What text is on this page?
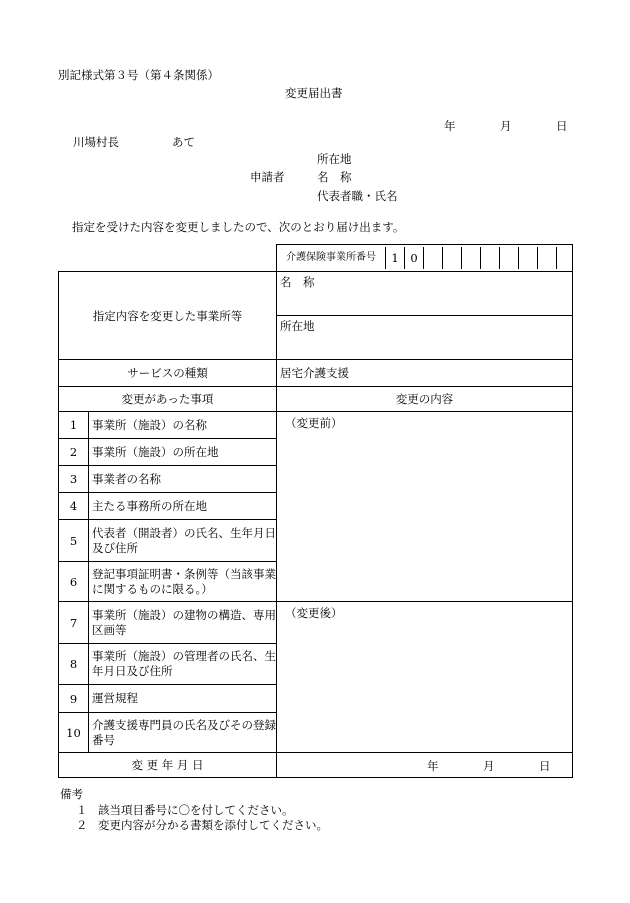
別記様式第３号（第４条関係）
変更届出書
年	月	日
川場村長	あて
所在地
申請者	名　称
代表者職・氏名
指定を受けた内容を変更しましたので、次のとおり届け出ます。

		介護保険事業所番号 1 0

指定内容を変更した事業所等		名　称
		所在地
サービスの種類		居宅介護支援
変更があった事項		変更の内容
1	事業所（施設）の名称	（変更前）
2	事業所（施設）の所在地	
3	事業者の名称	
4	主たる事務所の所在地	
5	代表者（開設者）の氏名、生年月日及び住所	
6	登記事項証明書・条例等（当該事業に関するものに限る。）	
7	事業所（施設）の建物の構造、専用区画等	（変更後）
8	事業所（施設）の管理者の氏名、生年月日及び住所	
9	運営規程	
10	介護支援専門員の氏名及びその登録番号	
変 更 年 月 日		年 月 日
備考
１ 該当項目番号に〇を付してください。
２ 変更内容が分かる書類を添付してください。
